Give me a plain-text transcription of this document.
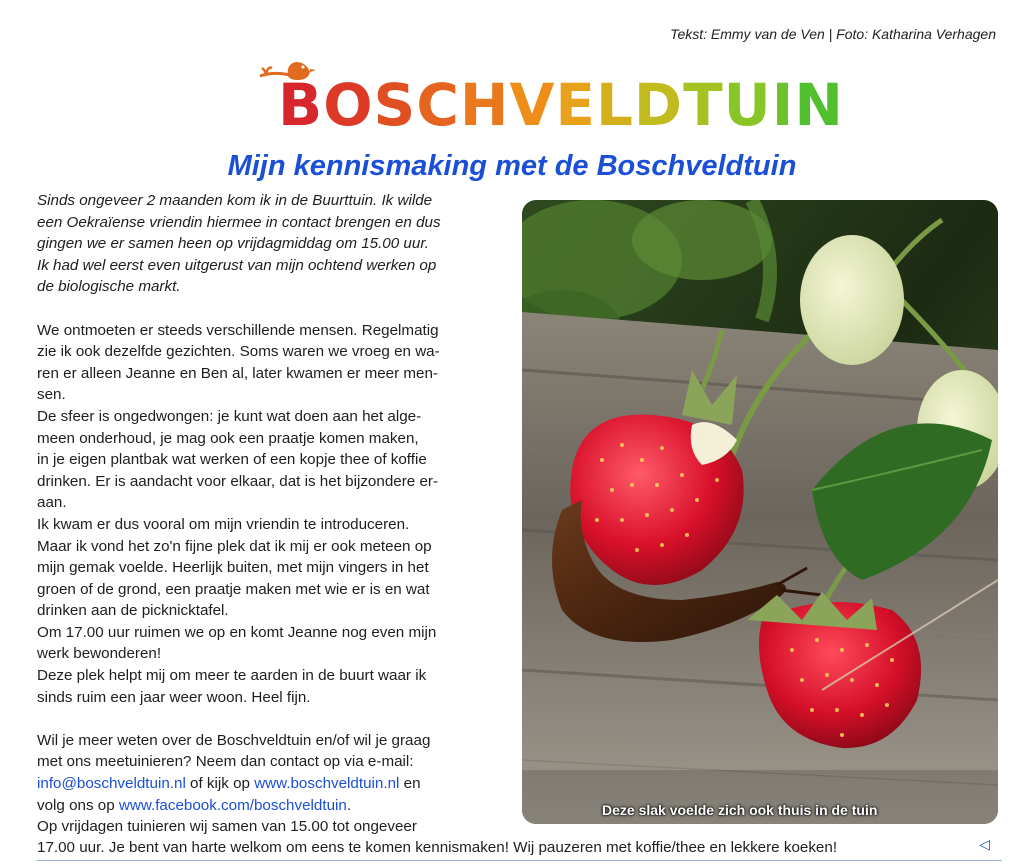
Tekst: Emmy van de Ven | Foto: Katharina Verhagen
BOSCHVELDTUIN
Mijn kennismaking met de Boschveldtuin

Sinds ongeveer 2 maanden kom ik in de Buurttuin. Ik wilde

een Oekraïense vriendin hiermee in contact brengen en dus

gingen we er samen heen op vrijdagmiddag om 15.00 uur.

Ik had wel eerst even uitgerust van mijn ochtend werken op

de biologische markt.

We ontmoeten er steeds verschillende mensen. Regelmatig

zie ik ook dezelfde gezichten. Soms waren we vroeg en wa-

ren er alleen Jeanne en Ben al, later kwamen er meer men-

sen.

De sfeer is ongedwongen: je kunt wat doen aan het alge-

meen onderhoud, je mag ook een praatje komen maken,

in je eigen plantbak wat werken of een kopje thee of koffie

drinken. Er is aandacht voor elkaar, dat is het bijzondere er-

aan.

Ik kwam er dus vooral om mijn vriendin te introduceren.

Maar ik vond het zo'n fijne plek dat ik mij er ook meteen op

mijn gemak voelde. Heerlijk buiten, met mijn vingers in het

groen of de grond, een praatje maken met wie er is en wat

drinken aan de picknicktafel.

Om 17.00 uur ruimen we op en komt Jeanne nog even mijn

werk bewonderen!

Deze plek helpt mij om meer te aarden in de buurt waar ik

sinds ruim een jaar weer woon. Heel fijn.

Wil je meer weten over de Boschveldtuin en/of wil je graag

met ons meetuinieren? Neem dan contact op via e-mail:

info@boschveldtuin.nl of kijk op www.boschveldtuin.nl en

volg ons op www.facebook.com/boschveldtuin.

Op vrijdagen tuinieren wij samen van 15.00 tot ongeveer

17.00 uur. Je bent van harte welkom om eens te komen kennismaken! Wij pauzeren met koffie/thee en lekkere koeken!	◁
Deze slak voelde zich ook thuis in de tuin
